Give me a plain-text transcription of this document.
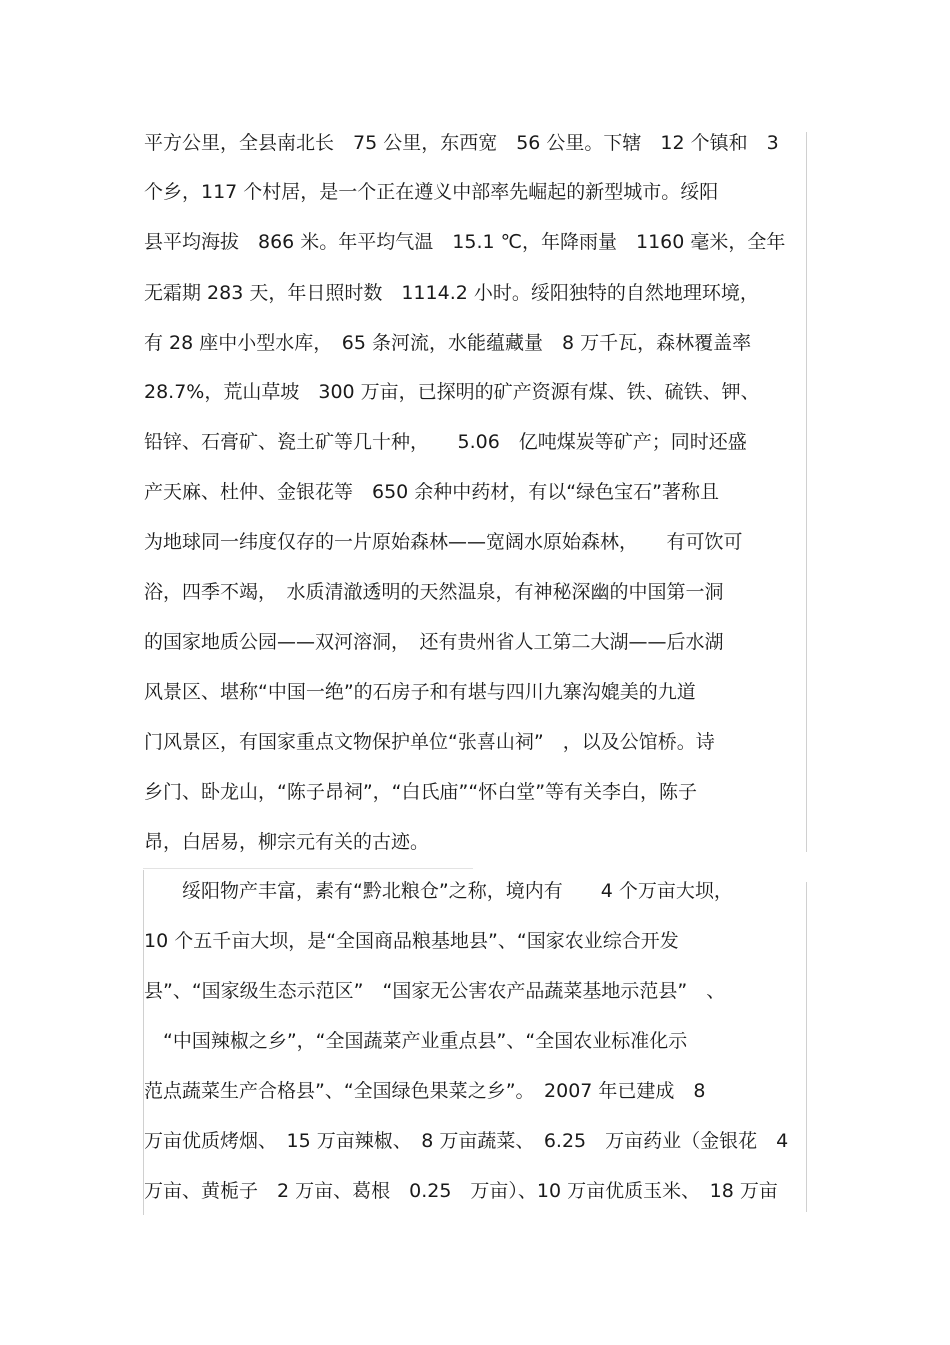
平方公里，全县南北长　75 公里，东西宽　56 公里。下辖　12 个镇和　3
个乡，117 个村居，是一个正在遵义中部率先崛起的新型城市。绥阳
县平均海拔　866 米。年平均气温　15.1 ℃，年降雨量　1160 毫米，全年
无霜期 283 天，年日照时数　1114.2 小时。绥阳独特的自然地理环境，
有 28 座中小型水库，　65 条河流，水能蕴藏量　8 万千瓦，森林覆盖率
28.7%，荒山草坡　300 万亩，已探明的矿产资源有煤、铁、硫铁、钾、
铅锌、石膏矿、瓷土矿等几十种，　　5.06　亿吨煤炭等矿产；同时还盛
产天麻、杜仲、金银花等　650 余种中药材，有以“绿色宝石”著称且
为地球同一纬度仅存的一片原始森林——宽阔水原始森林，　　有可饮可
浴，四季不竭，　水质清澈透明的天然温泉，有神秘深幽的中国第一洞
的国家地质公园——双河溶洞，　还有贵州省人工第二大湖——后水湖
风景区、堪称“中国一绝”的石房子和有堪与四川九寨沟媲美的九道
门风景区，有国家重点文物保护单位“张喜山祠”　，以及公馆桥。诗
乡门、卧龙山，“陈子昂祠”，“白氏庙”“怀白堂”等有关李白，陈子
昂，白居易，柳宗元有关的古迹。
　　绥阳物产丰富，素有“黔北粮仓”之称，境内有　　4 个万亩大坝，
10 个五千亩大坝，是“全国商品粮基地县”、“国家农业综合开发
县”、“国家级生态示范区”　“国家无公害农产品蔬菜基地示范县”　、
　“中国辣椒之乡”，“全国蔬菜产业重点县”、“全国农业标准化示
范点蔬菜生产合格县”、“全国绿色果菜之乡”。　2007 年已建成　8
万亩优质烤烟、　15 万亩辣椒、　8 万亩蔬菜、　6.25　万亩药业（金银花　4
万亩、黄栀子　2 万亩、葛根　0.25　万亩）、10 万亩优质玉米、　18 万亩
